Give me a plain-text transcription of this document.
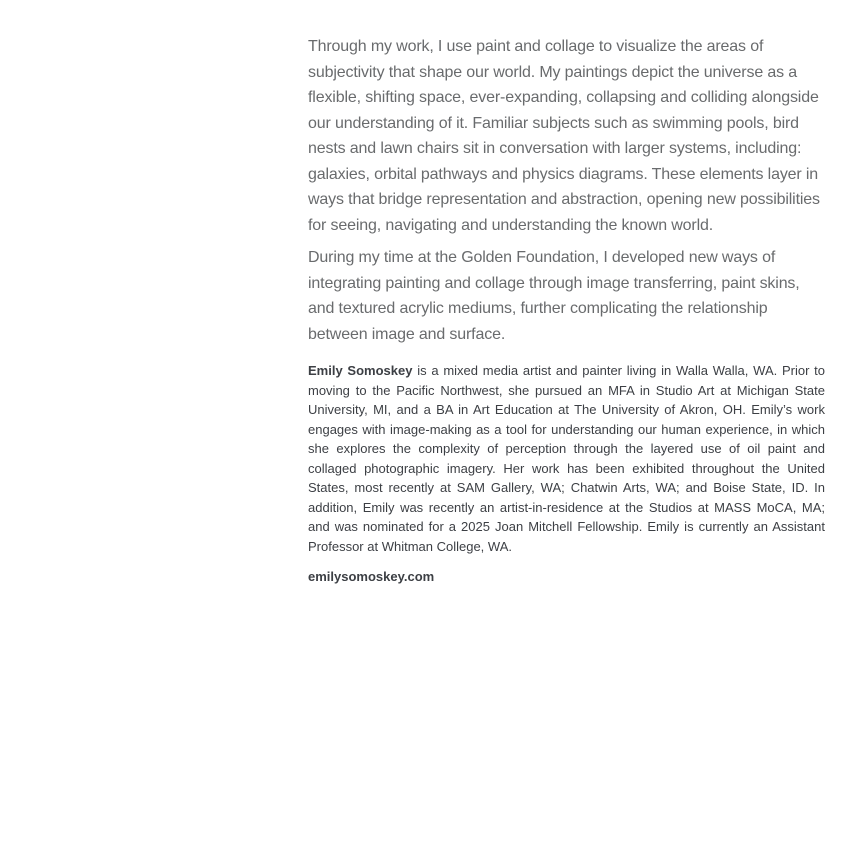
Through my work, I use paint and collage to visualize the areas of subjectivity that shape our world. My paintings depict the universe as a flexible, shifting space, ever-expanding, collapsing and colliding alongside our understanding of it. Familiar subjects such as swimming pools, bird nests and lawn chairs sit in conversation with larger systems, including: galaxies, orbital pathways and physics diagrams. These elements layer in ways that bridge representation and abstraction, opening new possibilities for seeing, navigating and understanding the known world.

During my time at the Golden Foundation, I developed new ways of integrating painting and collage through image transferring, paint skins, and textured acrylic mediums, further complicating the relationship between image and surface.

Emily Somoskey is a mixed media artist and painter living in Walla Walla, WA. Prior to moving to the Pacific Northwest, she pursued an MFA in Studio Art at Michigan State University, MI, and a BA in Art Education at The University of Akron, OH. Emily’s work engages with image-making as a tool for understanding our human experience, in which she explores the complexity of perception through the layered use of oil paint and collaged photographic imagery. Her work has been exhibited throughout the United States, most recently at SAM Gallery, WA; Chatwin Arts, WA; and Boise State, ID. In addition, Emily was recently an artist-in-residence at the Studios at MASS MoCA, MA; and was nominated for a 2025 Joan Mitchell Fellowship. Emily is currently an Assistant Professor at Whitman College, WA.

emilysomoskey.com
